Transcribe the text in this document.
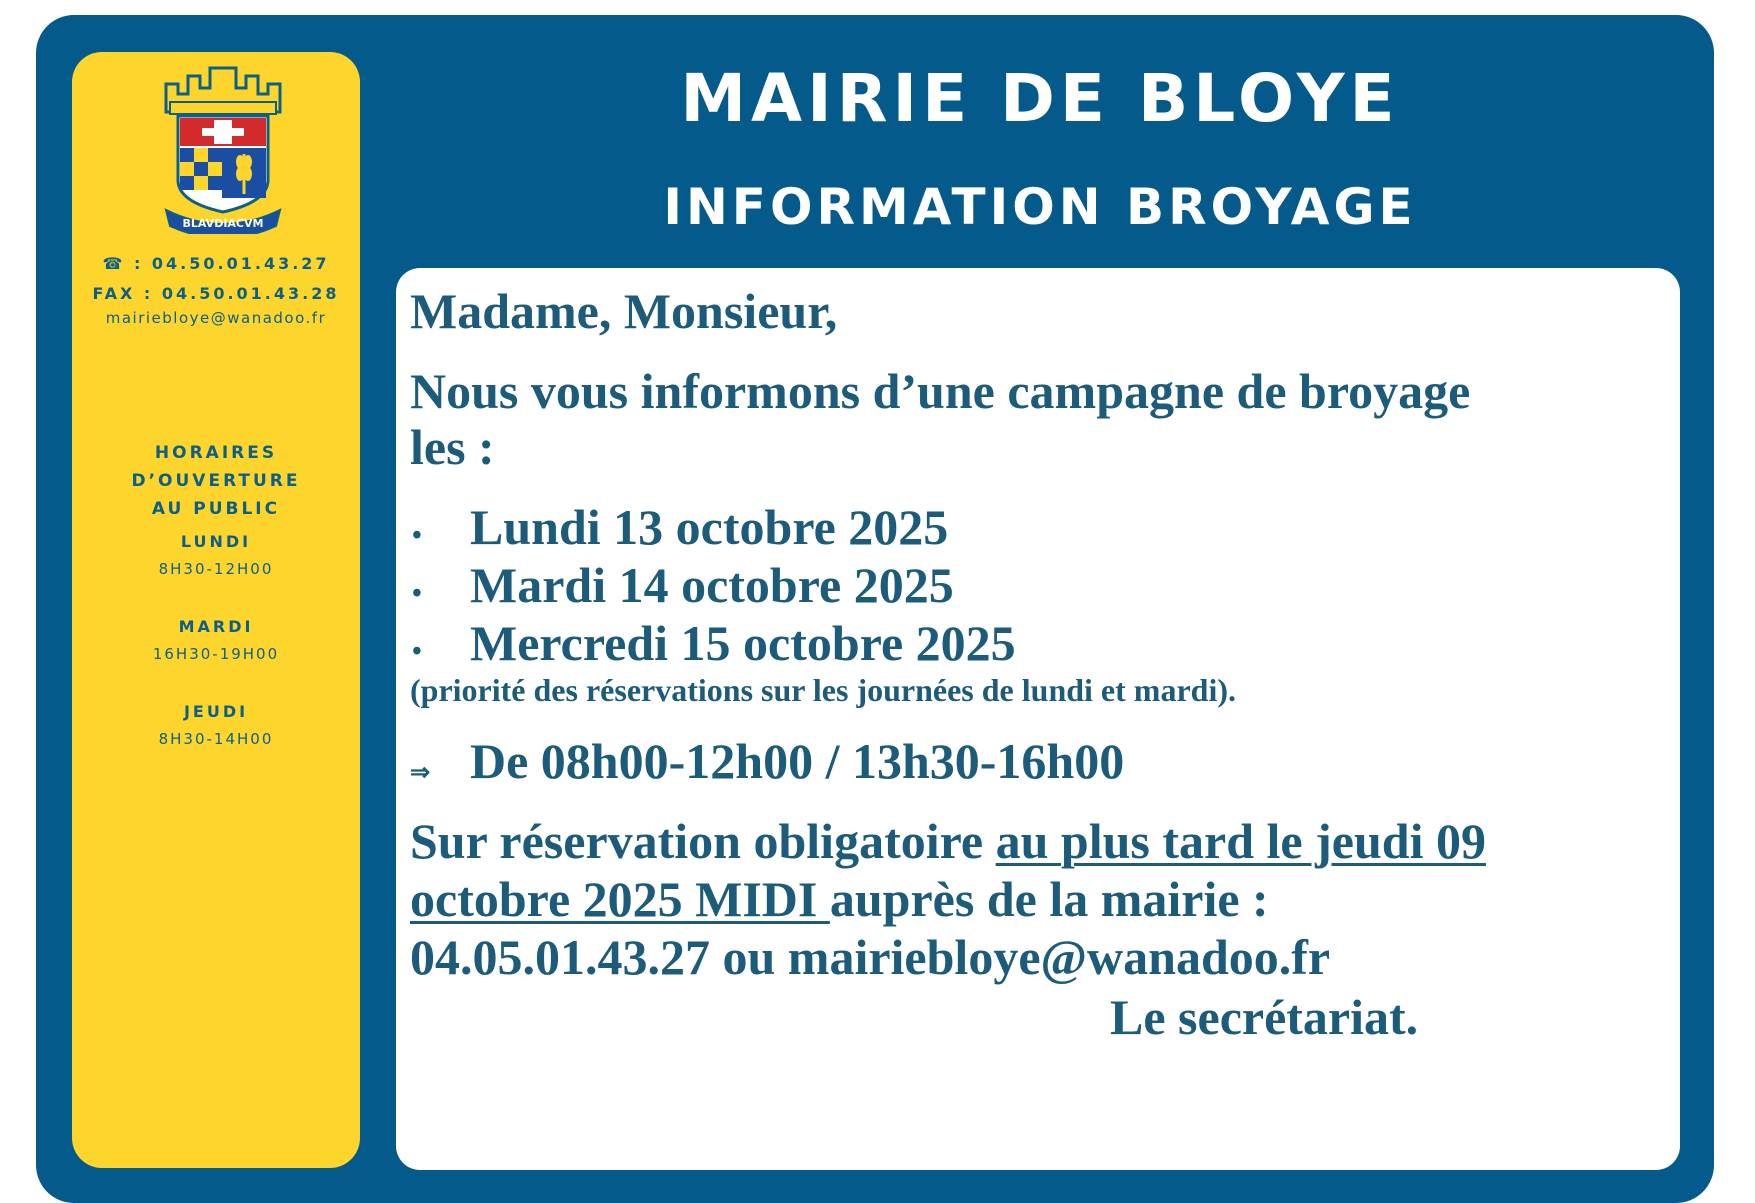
BLAVDIACVM
☎ : 04.50.01.43.27
FAX : 04.50.01.43.28
mairiebloye@wanadoo.fr
HORAIRES
D’OUVERTURE
AU PUBLIC
LUNDI
8H30-12H00
MARDI
16H30-19H00
JEUDI
8H30-14H00
MAIRIE DE BLOYE
INFORMATION BROYAGE
Madame, Monsieur,
Nous vous informons d’une campagne de broyage
les :
• Lundi 13 octobre 2025
• Mardi 14 octobre 2025
• Mercredi 15 octobre 2025
(priorité des réservations sur les journées de lundi et mardi).
⇒ De 08h00-12h00 / 13h30-16h00
Sur réservation obligatoire au plus tard le jeudi 09
octobre 2025 MIDI auprès de la mairie :
04.05.01.43.27 ou mairiebloye@wanadoo.fr
Le secrétariat.
